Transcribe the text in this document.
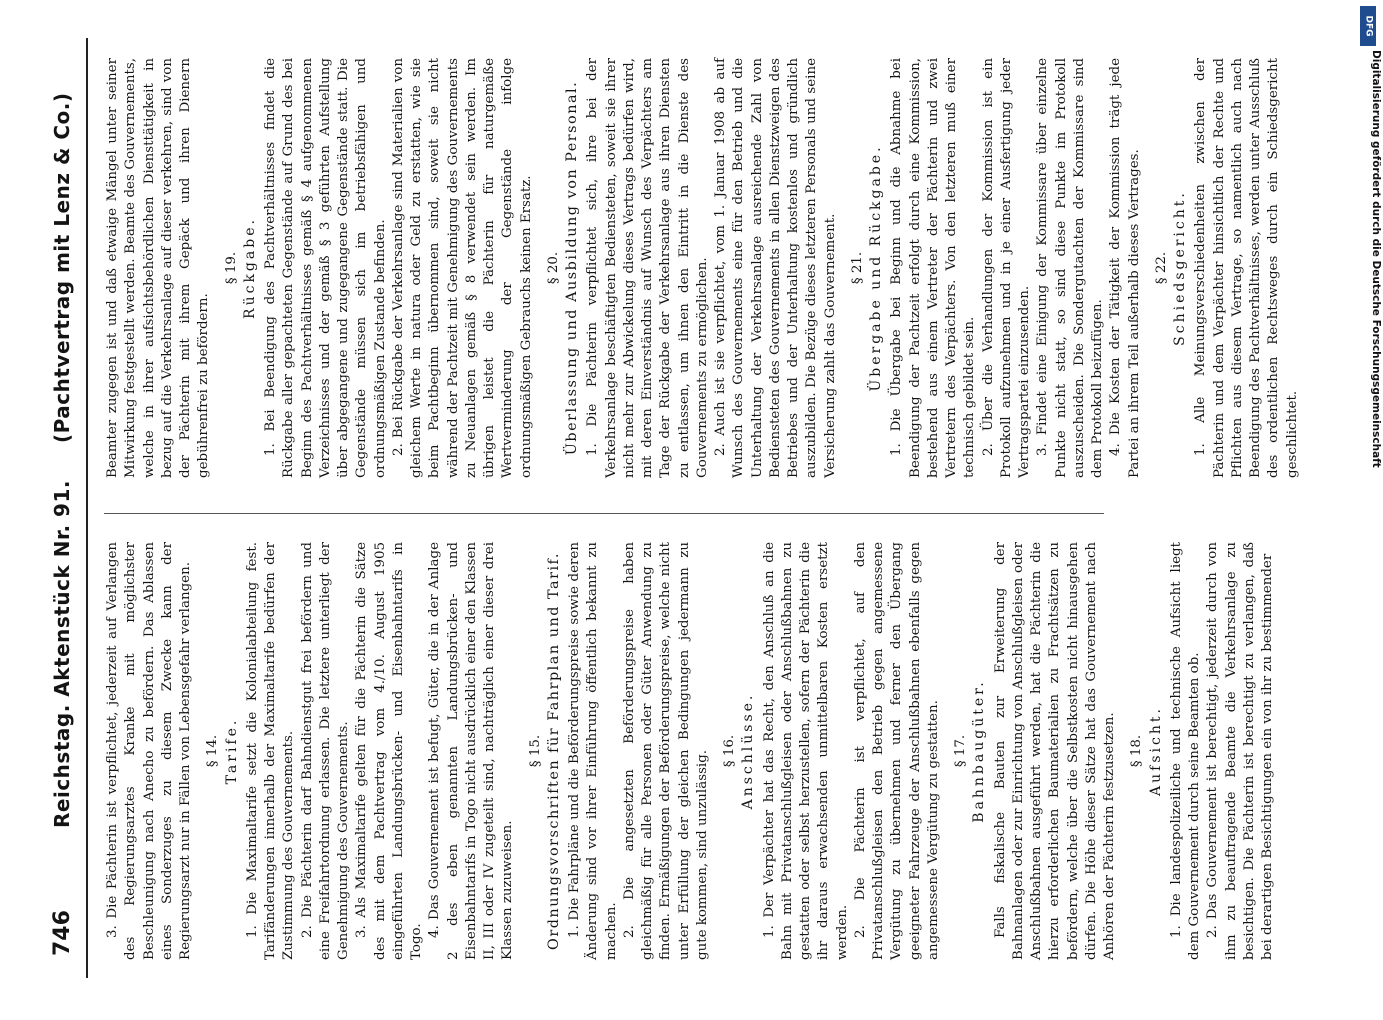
746
Reichstag. Aktenstück Nr. 91.
(Pachtvertrag mit Lenz & Co.)
3. Die Pächterin ist verpflichtet, jederzeit auf Verlangen des Regierungsarztes Kranke mit möglichster Beschleunigung nach Anecho zu befördern. Das Ablassen eines Sonderzuges zu diesem Zwecke kann der Regierungsarzt nur in Fällen von Lebensgefahr verlangen. § 14. Tarife. 1. Die Maximaltarife setzt die Kolonialabteilung fest. Tarifänderungen innerhalb der Maximaltarife bedürfen der Zustimmung des Gouvernements. 2. Die Pächterin darf Bahndienstgut frei befördern und eine Freifahrtordnung erlassen. Die letztere unterliegt der Genehmigung des Gouvernements. 3. Als Maximaltarife gelten für die Pächterin die Sätze des mit dem Pachtvertrag vom 4./10. August 1905 eingeführten Landungsbrücken- und Eisenbahntarifs in Togo.
4. Das Gouvernement ist befugt, Güter, die in der Anlage 2 des eben genannten Landungsbrücken- und Eisenbahntarifs in Togo nicht ausdrücklich einer den Klassen II, III oder IV zugeteilt sind, nachträglich einer dieser drei Klassen zuzuweisen.
§ 15. Ordnungsvorschriften für Fahrplan und Tarif. 1. Die Fahrpläne und die Beförderungspreise sowie deren Änderung sind vor ihrer Einführung öffentlich bekannt zu machen. 2. Die angesetzten Beförderungspreise haben gleichmäßig für alle Personen oder Güter Anwendung zu finden. Ermäßigungen der Beförderungspreise, welche nicht unter Erfüllung der gleichen Bedingungen jedermann zu gute kommen, sind unzulässig. § 16. Anschlüsse. 1. Der Verpächter hat das Recht, den Anschluß an die Bahn mit Privatanschlußgleisen oder Anschlußbahnen zu gestatten oder selbst herzustellen, sofern der Pächterin die ihr daraus erwachsenden unmittelbaren Kosten ersetzt werden. 2. Die Pächterin ist verpflichtet, auf den Privatanschlußgleisen den Betrieb gegen angemessene Vergütung zu übernehmen und ferner den Übergang geeigneter Fahrzeuge der Anschlußbahnen ebenfalls gegen angemessene Vergütung zu gestatten. § 17. Bahnbaugüter. Falls fiskalische Bauten zur Erweiterung der Bahnanlagen oder zur Einrichtung von Anschlußgleisen oder Anschlußbahnen ausgeführt werden, hat die Pächterin die hierzu erforderlichen Baumaterialien zu Frachtsätzen zu befördern, welche über die Selbstkosten nicht hinausgehen dürfen. Die Höhe dieser Sätze hat das Gouvernement nach Anhören der Pächterin festzusetzen. § 18. Aufsicht. 1. Die landespolizeiliche und technische Aufsicht liegt dem Gouvernement durch seine Beamten ob. 2. Das Gouvernement ist berechtigt, jederzeit durch von ihm zu beauftragende Beamte die Verkehrsanlage zu besichtigen. Die Pächterin ist berechtigt zu verlangen, daß bei derartigen Besichtigungen ein von ihr zu bestimmender
Beamter zugegen ist und daß etwaige Mängel unter seiner Mitwirkung festgestellt werden. Beamte des Gouvernements, welche in ihrer aufsichtsbehördlichen Diensttätigkeit in bezug auf die Verkehrsanlage auf dieser verkehren, sind von der Pächterin mit ihrem Gepäck und ihren Dienern gebührenfrei zu befördern.
§ 19. Rückgabe. 1. Bei Beendigung des Pachtverhältnisses findet die Rückgabe aller gepachteten Gegenstände auf Grund des bei Beginn des Pachtverhältnisses gemäß § 4 aufgenommenen Verzeichnisses und der gemäß § 3 geführten Aufstellung über abgegangene und zugegangene Gegenstände statt. Die Gegenstände müssen sich im betriebsfähigen und ordnungsmäßigen Zustande befinden. 2. Bei Rückgabe der Verkehrsanlage sind Materialien von gleichem Werte in natura oder Geld zu erstatten, wie sie beim Pachtbeginn übernommen sind, soweit sie nicht während der Pachtzeit mit Genehmigung des Gouvernements zu Neuanlagen gemäß § 8 verwendet sein werden. Im übrigen leistet die Pächterin für naturgemäße Wertverminderung der Gegenstände infolge ordnungsmäßigen Gebrauchs keinen Ersatz. § 20. Überlassung und Ausbildung von Personal. 1. Die Pächterin verpflichtet sich, ihre bei der Verkehrsanlage beschäftigten Bediensteten, soweit sie ihrer nicht mehr zur Abwickelung dieses Vertrags bedürfen wird, mit deren Einverständnis auf Wunsch des Verpächters am Tage der Rückgabe der Verkehrsanlage aus ihren Diensten zu entlassen, um ihnen den Eintritt in die Dienste des Gouvernements zu ermöglichen. 2. Auch ist sie verpflichtet, vom 1. Januar 1908 ab auf Wunsch des Gouvernements eine für den Betrieb und die Unterhaltung der Verkehrsanlage ausreichende Zahl von Bediensteten des Gouvernements in allen Dienstzweigen des Betriebes und der Unterhaltung kostenlos und gründlich auszubilden. Die Bezüge dieses letzteren Personals und seine Versicherung zahlt das Gouvernement. § 21. Übergabe und Rückgabe. 1. Die Übergabe bei Beginn und die Abnahme bei Beendigung der Pachtzeit erfolgt durch eine Kommission, bestehend aus einem Vertreter der Pächterin und zwei Vertretern des Verpächters. Von den letzteren muß einer technisch gebildet sein. 2. Über die Verhandlungen der Kommission ist ein Protokoll aufzunehmen und in je einer Ausfertigung jeder Vertragspartei einzusenden. 3. Findet eine Einigung der Kommissare über einzelne Punkte nicht statt, so sind diese Punkte im Protokoll auszuscheiden. Die Sondergutachten der Kommissare sind dem Protokoll beizufügen. 4. Die Kosten der Tätigkeit der Kommission trägt jede Partei an ihrem Teil außerhalb dieses Vertrages. § 22. Schiedsgericht. 1. Alle Meinungsverschiedenheiten zwischen der Pächterin und dem Verpächter hinsichtlich der Rechte und Pflichten aus diesem Vertrage, so namentlich auch nach Beendigung des Pachtverhältnisses, werden unter Ausschluß des ordentlichen Rechtsweges durch ein Schiedsgericht geschlichtet.
DFG
Digitalisierung gefördert durch die Deutsche Forschungsgemeinschaft
